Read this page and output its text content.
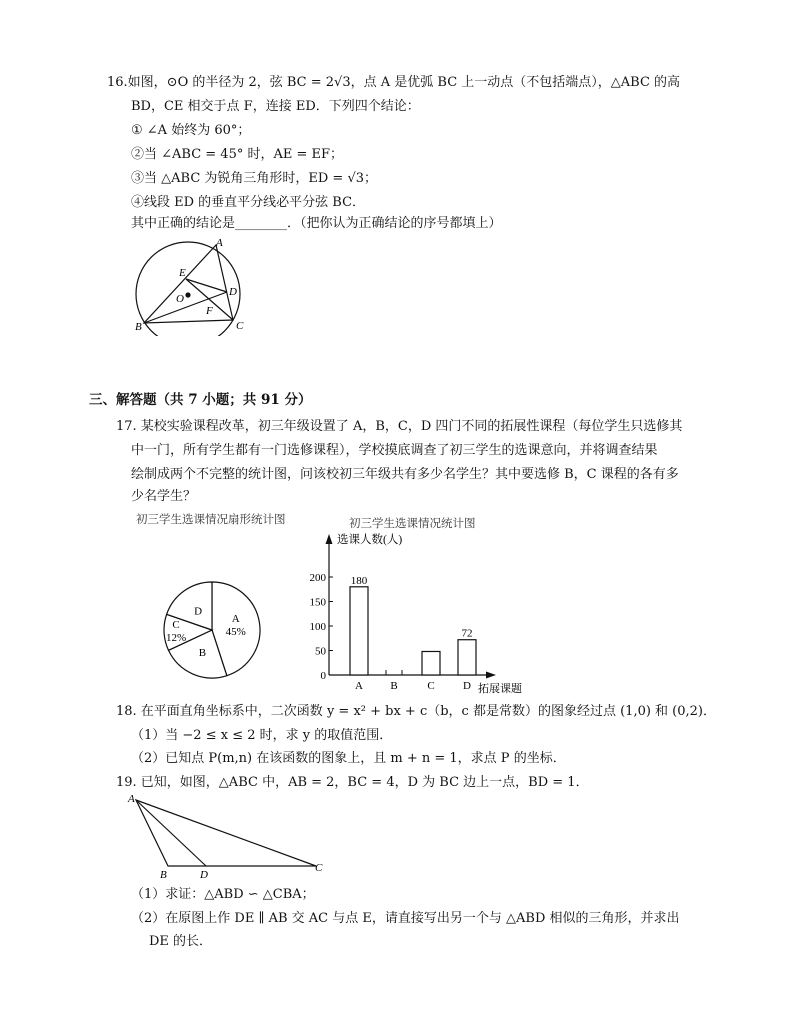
16.如图，⊙O 的半径为 2，弦 BC = 2√3，点 A 是优弧 BC 上一动点（不包括端点），△ABC 的高
BD，CE 相交于点 F，连接 ED．下列四个结论：
① ∠A 始终为 60°；
②当 ∠ABC = 45° 时，AE = EF；
③当 △ABC 为锐角三角形时，ED = √3；
④线段 ED 的垂直平分线必平分弦 BC．
其中正确的结论是________．（把你认为正确结论的序号都填上）
A
E
D
O
F
B	C
三、解答题（共 7 小题；共 91 分）
17. 某校实验课程改革，初三年级设置了 A，B，C，D 四门不同的拓展性课程（每位学生只选修其
中一门，所有学生都有一门选修课程），学校摸底调查了初三学生的选课意向，并将调查结果
绘制成两个不完整的统计图，问该校初三年级共有多少名学生？其中要选修 B，C 课程的各有多
少名学生？
初三学生选课情况扇形统计图	初三学生选课情况统计图
A
45%
B
C
12%
D
0
50
100
150
200
选课人数(人)
拓展课题
180
A B	C
72
D
18. 在平面直角坐标系中，二次函数 y = x² + bx + c（b，c 都是常数）的图象经过点 (1,0) 和 (0,2)．
（1）当 −2 ≤ x ≤ 2 时，求 y 的取值范围．
（2）已知点 P(m,n) 在该函数的图象上，且 m + n = 1，求点 P 的坐标．
19. 已知，如图，△ABC 中，AB = 2，BC = 4，D 为 BC 边上一点，BD = 1．
A
B	D
C
（1）求证：△ABD ∽ △CBA；
（2）在原图上作 DE ∥ AB 交 AC 与点 E，请直接写出另一个与 △ABD 相似的三角形，并求出
DE 的长．
